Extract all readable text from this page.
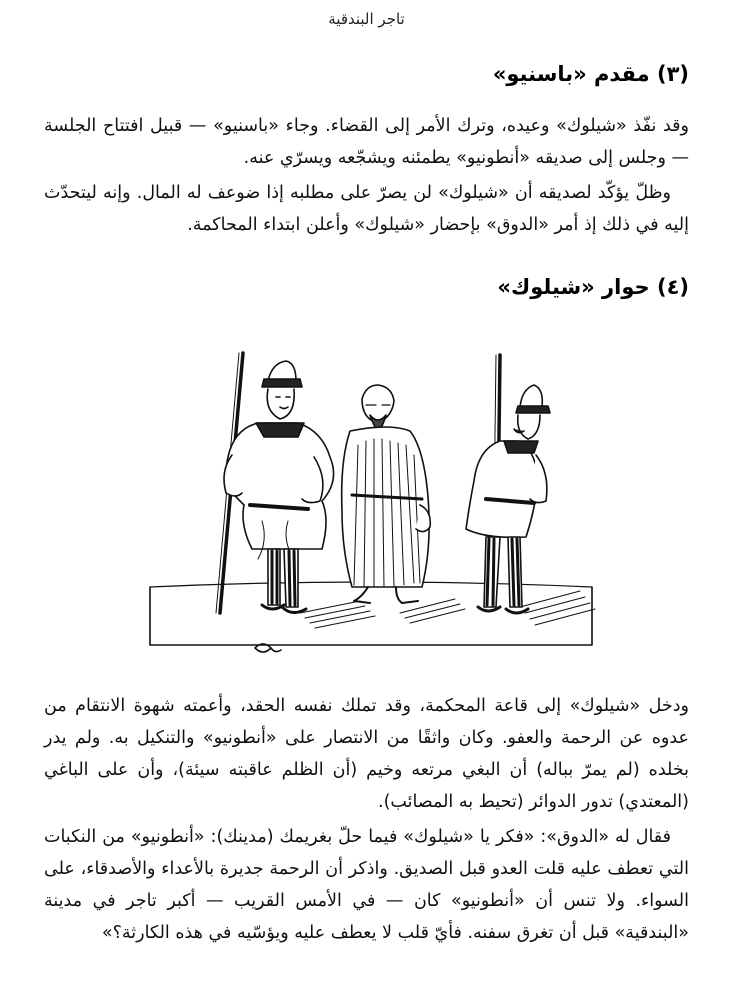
تاجر البندقية
(٣) مقدم «باسنيو»

وقد نفّذ «شيلوك» وعيده، وترك الأمر إلى القضاء. وجاء «باسنيو» — قبيل افتتاح الجلسة — وجلس إلى صديقه «أنطونيو» يطمئنه ويشجّعه ويسرّي عنه.

وظلّ يؤكّد لصديقه أن «شيلوك» لن يصرّ على مطلبه إذا ضوعف له المال. وإنه ليتحدّث إليه في ذلك إذ أمر «الدوق» بإحضار «شيلوك» وأعلن ابتداء المحاكمة.

(٤) حوار «شيلوك»

ودخل «شيلوك» إلى قاعة المحكمة، وقد تملك نفسه الحقد، وأعمته شهوة الانتقام من عدوه عن الرحمة والعفو. وكان واثقًا من الانتصار على «أنطونيو» والتنكيل به. ولم يدر بخلده (لم يمرّ بباله) أن البغي مرتعه وخيم (أن الظلم عاقبته سيئة)، وأن على الباغي (المعتدي) تدور الدوائر (تحيط به المصائب).

فقال له «الدوق»: «فكر يا «شيلوك» فيما حلّ بغريمك (مدينك): «أنطونيو» من النكبات التي تعطف عليه قلت العدو قبل الصديق. واذكر أن الرحمة جديرة بالأعداء والأصدقاء، على السواء. ولا تنس أن «أنطونيو» كان — في الأمس القريب — أكبر تاجر في مدينة «البندقية» قبل أن تغرق سفنه. فأيّ قلب لا يعطف عليه ويؤسّيه في هذه الكارثة؟»
